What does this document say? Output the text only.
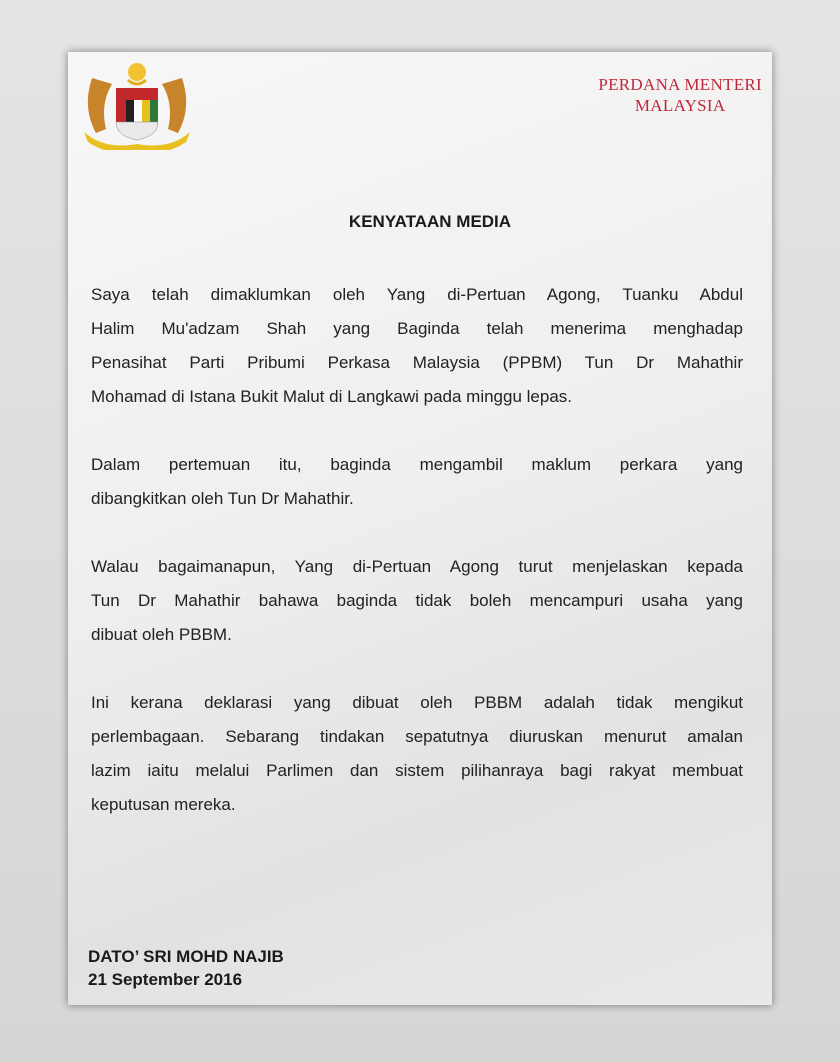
PERDANA MENTERI
MALAYSIA
KENYATAAN MEDIA
Saya telah dimaklumkan oleh Yang di-Pertuan Agong, Tuanku Abdul
Halim Mu'adzam Shah yang Baginda telah menerima menghadap
Penasihat Parti Pribumi Perkasa Malaysia (PPBM) Tun Dr Mahathir
Mohamad di Istana Bukit Malut di Langkawi pada minggu lepas.
Dalam pertemuan itu, baginda mengambil maklum perkara yang
dibangkitkan oleh Tun Dr Mahathir.
Walau bagaimanapun, Yang di-Pertuan Agong turut menjelaskan kepada
Tun Dr Mahathir bahawa baginda tidak boleh mencampuri usaha yang
dibuat oleh PBBM.
Ini kerana deklarasi yang dibuat oleh PBBM adalah tidak mengikut
perlembagaan. Sebarang tindakan sepatutnya diuruskan menurut amalan
lazim iaitu melalui Parlimen dan sistem pilihanraya bagi rakyat membuat
keputusan mereka.
DATO’ SRI MOHD NAJIB
21 September 2016
